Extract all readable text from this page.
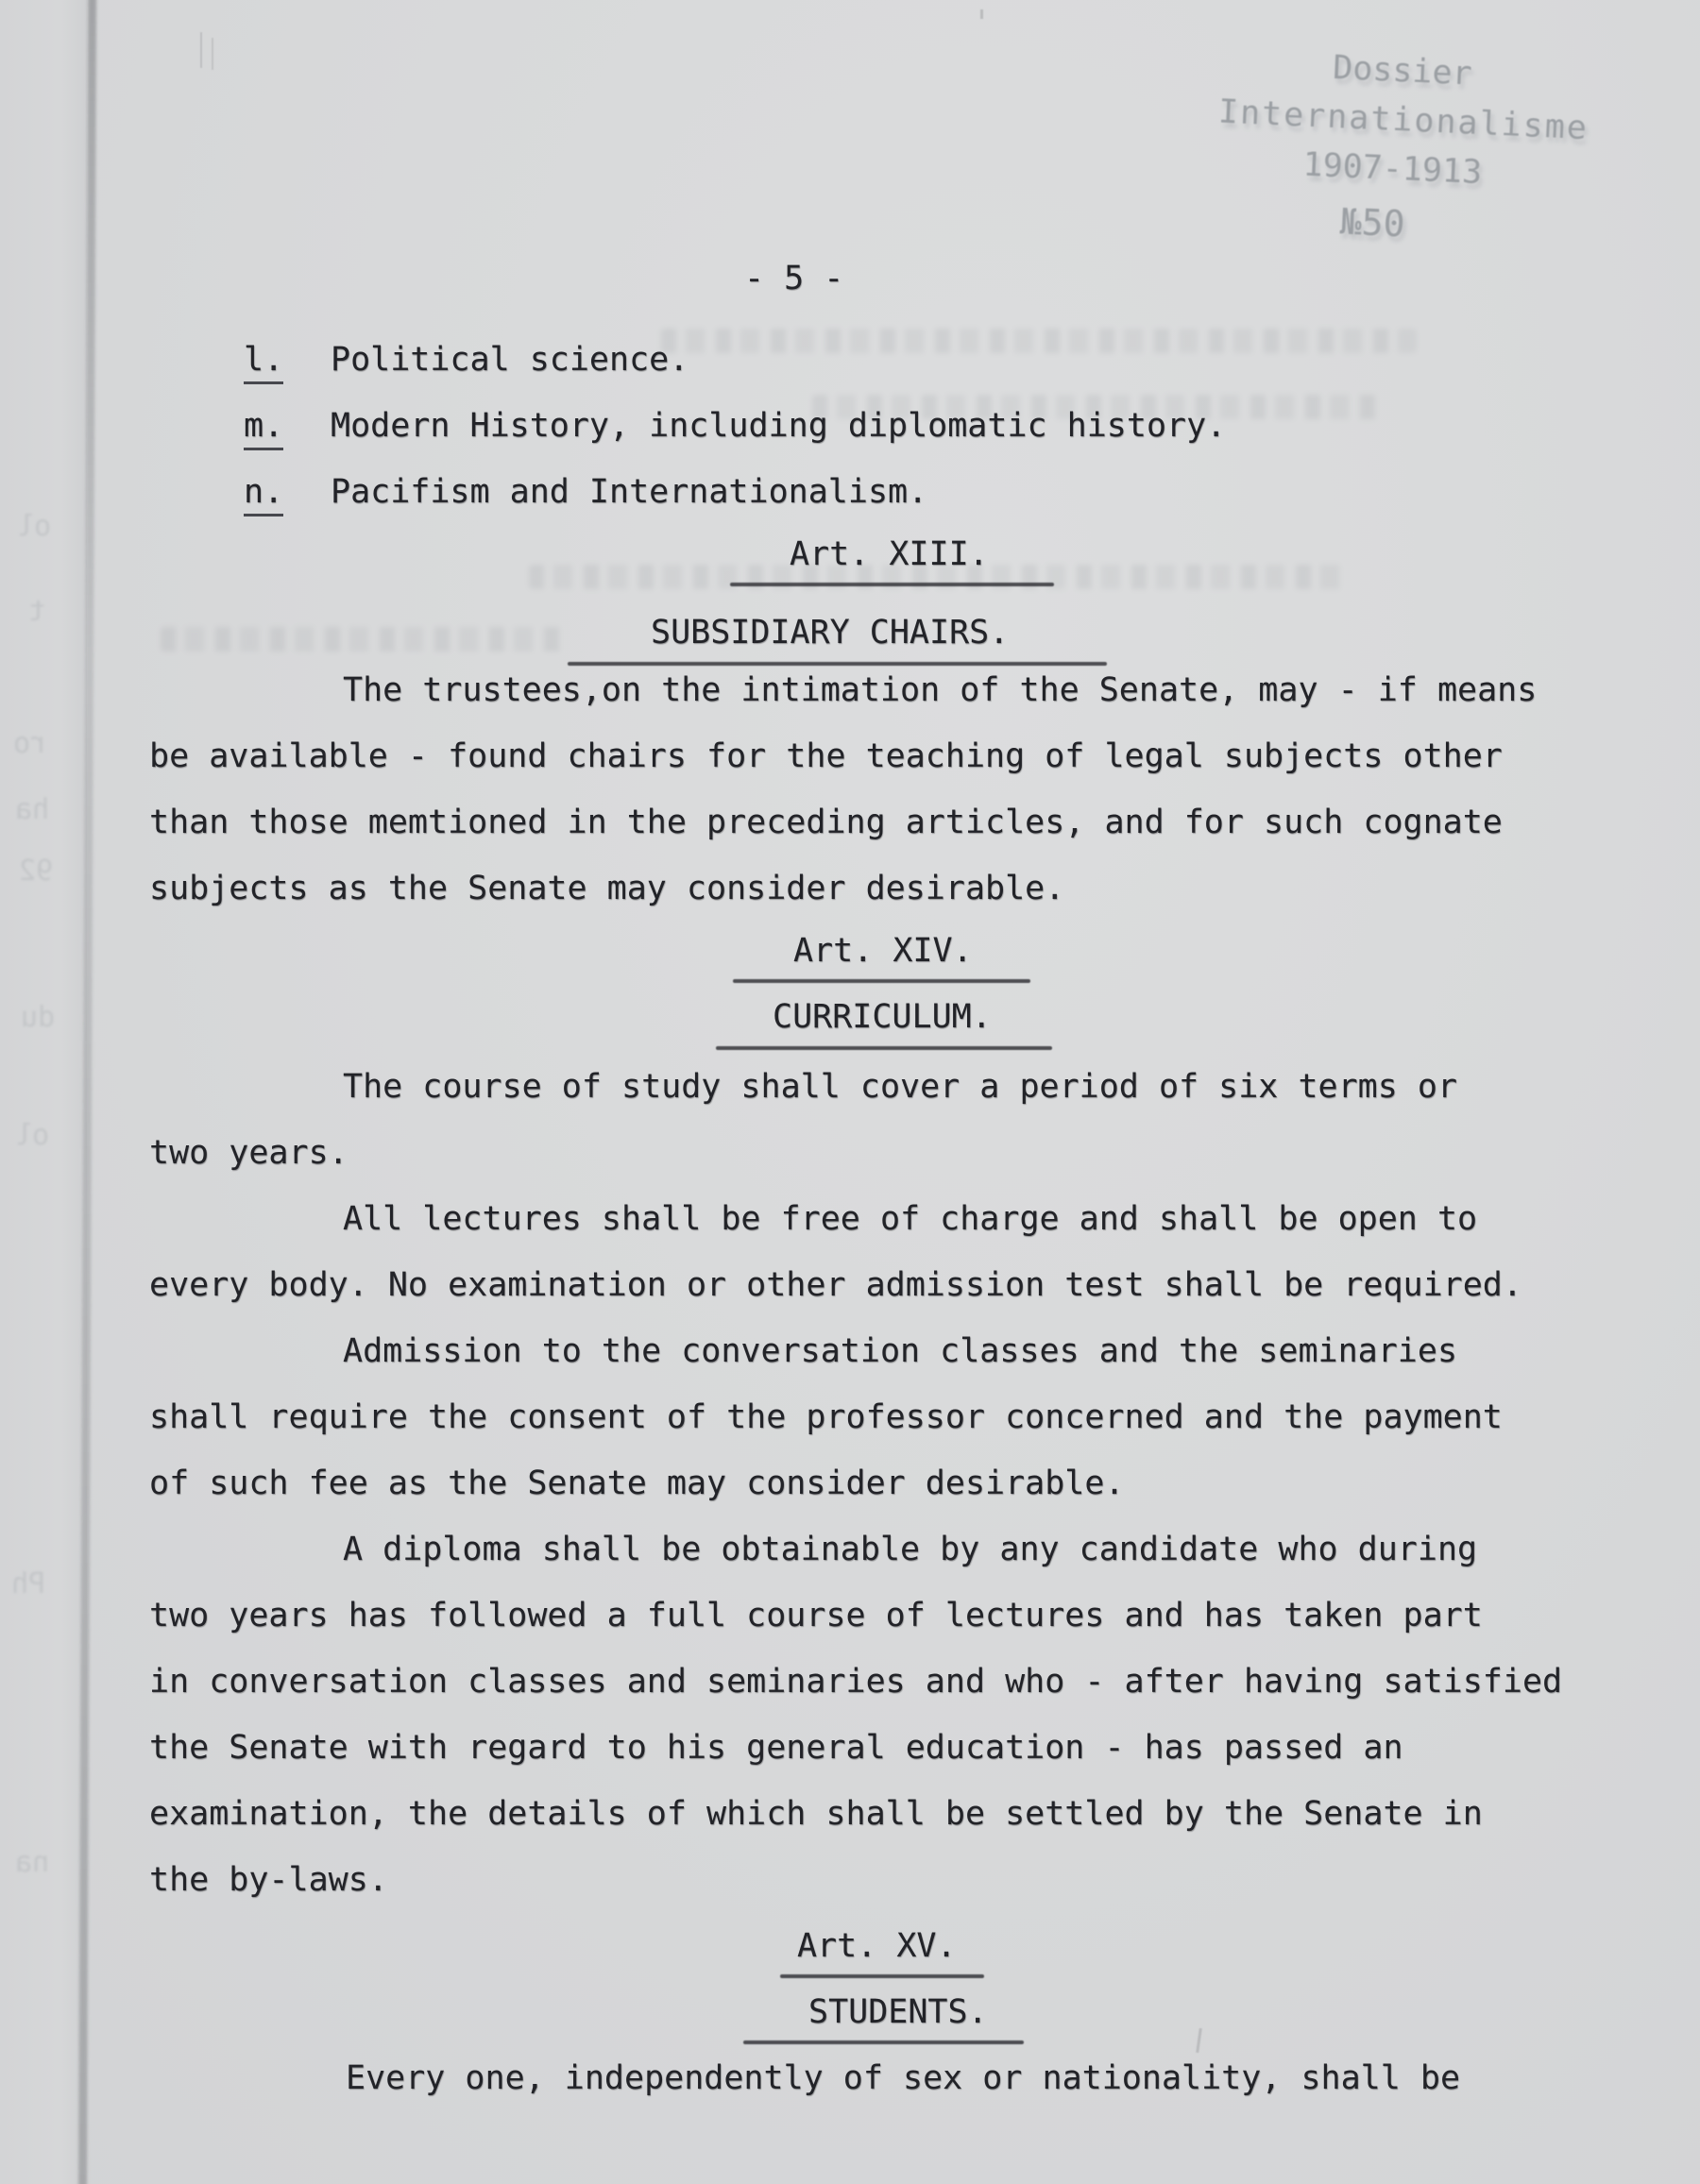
Dossier
Internationalisme
1907-1913
№50
ol
t
ro
ha
92
du
ol
Ph
na
- 5 -
l. Political science.
m. Modern History, including diplomatic history.
n. Pacifism and Internationalism.
Art. XIII.
SUBSIDIARY CHAIRS.
The trustees,on the intimation of the Senate, may - if means
be available - found chairs for the teaching of legal subjects other
than those memtioned in the preceding articles, and for such cognate
subjects as the Senate may consider desirable.
Art. XIV.
CURRICULUM.
The course of study shall cover a period of six terms or
two years.
All lectures shall be free of charge and shall be open to
every body. No examination or other admission test shall be required.
Admission to the conversation classes and the seminaries
shall require the consent of the professor concerned and the payment
of such fee as the Senate may consider desirable.
A diploma shall be obtainable by any candidate who during
two years has followed a full course of lectures and has taken part
in conversation classes and seminaries and who - after having satisfied
the Senate with regard to his general education - has passed an
examination, the details of which shall be settled by the Senate in
the by-laws.
Art. XV.
STUDENTS.
Every one, independently of sex or nationality, shall be
